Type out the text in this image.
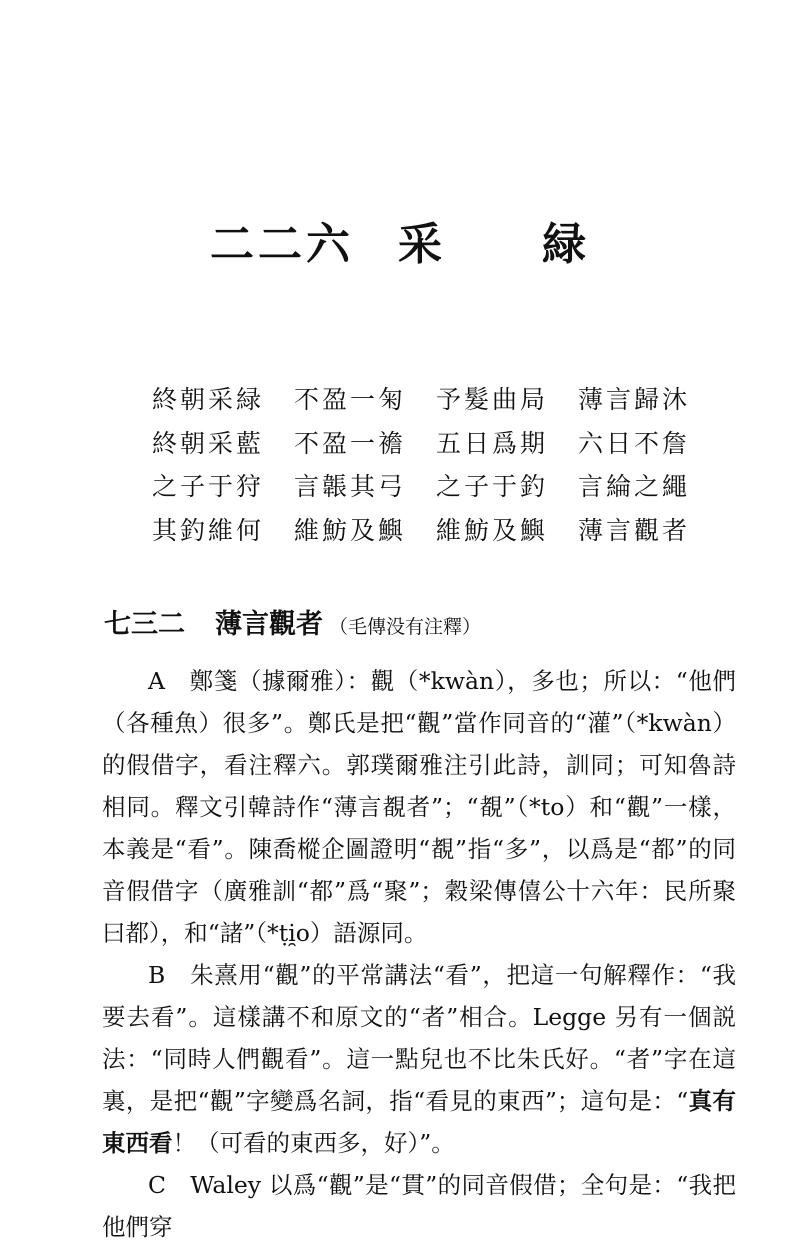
二二六 采 緑
終朝采緑 不盈一匊 予髮曲局 薄言歸沐
終朝采藍 不盈一襜 五日爲期 六日不詹
之子于狩 言韔其弓 之子于釣 言綸之繩
其釣維何 維魴及鱮 維魴及鱮 薄言觀者
七三二 薄言觀者 （毛傳没有注釋）

A　鄭箋（據爾雅）：觀（*kwàn），多也；所以：“他們（各種魚）很多”。鄭氏是把“觀”當作同音的“灌”（*kwàn）的假借字，看注釋六。郭璞爾雅注引此詩，訓同；可知魯詩相同。釋文引韓詩作“薄言覩者”；“覩”（*to）和“觀”一樣，本義是“看”。陳喬樅企圖證明“覩”指“多”，以爲是“都”的同音假借字（廣雅訓“都”爲“聚”；穀梁傳僖公十六年：民所聚曰都），和“諸”（*ṭi̯o）語源同。

B　朱熹用“觀”的平常講法“看”，把這一句解釋作：“我要去看”。這樣講不和原文的“者”相合。Legge 另有一個説法：“同時人們觀看”。這一點兒也不比朱氏好。“者”字在這裏，是把“觀”字變爲名詞，指“看見的東西”；這句是：“真有東西看！（可看的東西多，好）”。

C　Waley 以爲“觀”是“貫”的同音假借；全句是：“我把他們穿
